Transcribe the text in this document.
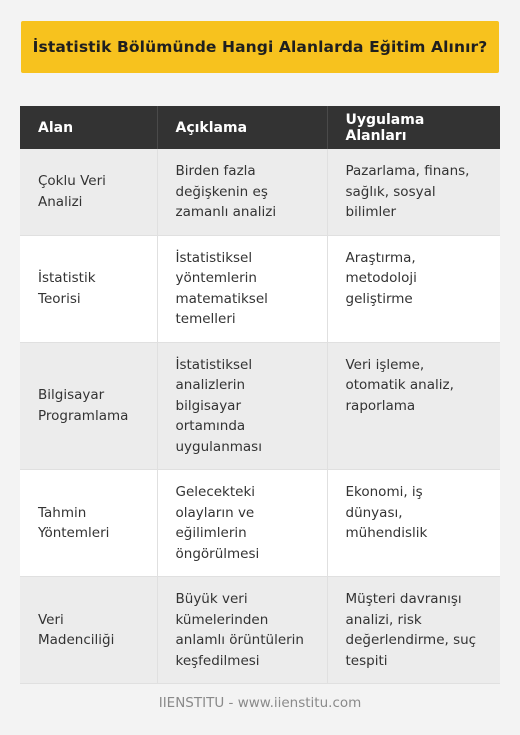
İstatistik Bölümünde Hangi Alanlarda Eğitim Alınır?
Alan	Açıklama	Uygulama Alanları
Çoklu Veri Analizi	Birden fazla değişkenin eş zamanlı analizi	Pazarlama, finans, sağlık, sosyal bilimler
İstatistik Teorisi	İstatistiksel yöntemlerin matematiksel temelleri	Araştırma, metodoloji geliştirme
Bilgisayar Programlama	İstatistiksel analizlerin bilgisayar ortamında uygulanması	Veri işleme, otomatik analiz, raporlama
Tahmin Yöntemleri	Gelecekteki olayların ve eğilimlerin öngörülmesi	Ekonomi, iş dünyası, mühendislik
Veri Madenciliği	Büyük veri kümelerinden anlamlı örüntülerin keşfedilmesi	Müşteri davranışı analizi, risk değerlendirme, suç tespiti
IIENSTITU - www.iienstitu.com
